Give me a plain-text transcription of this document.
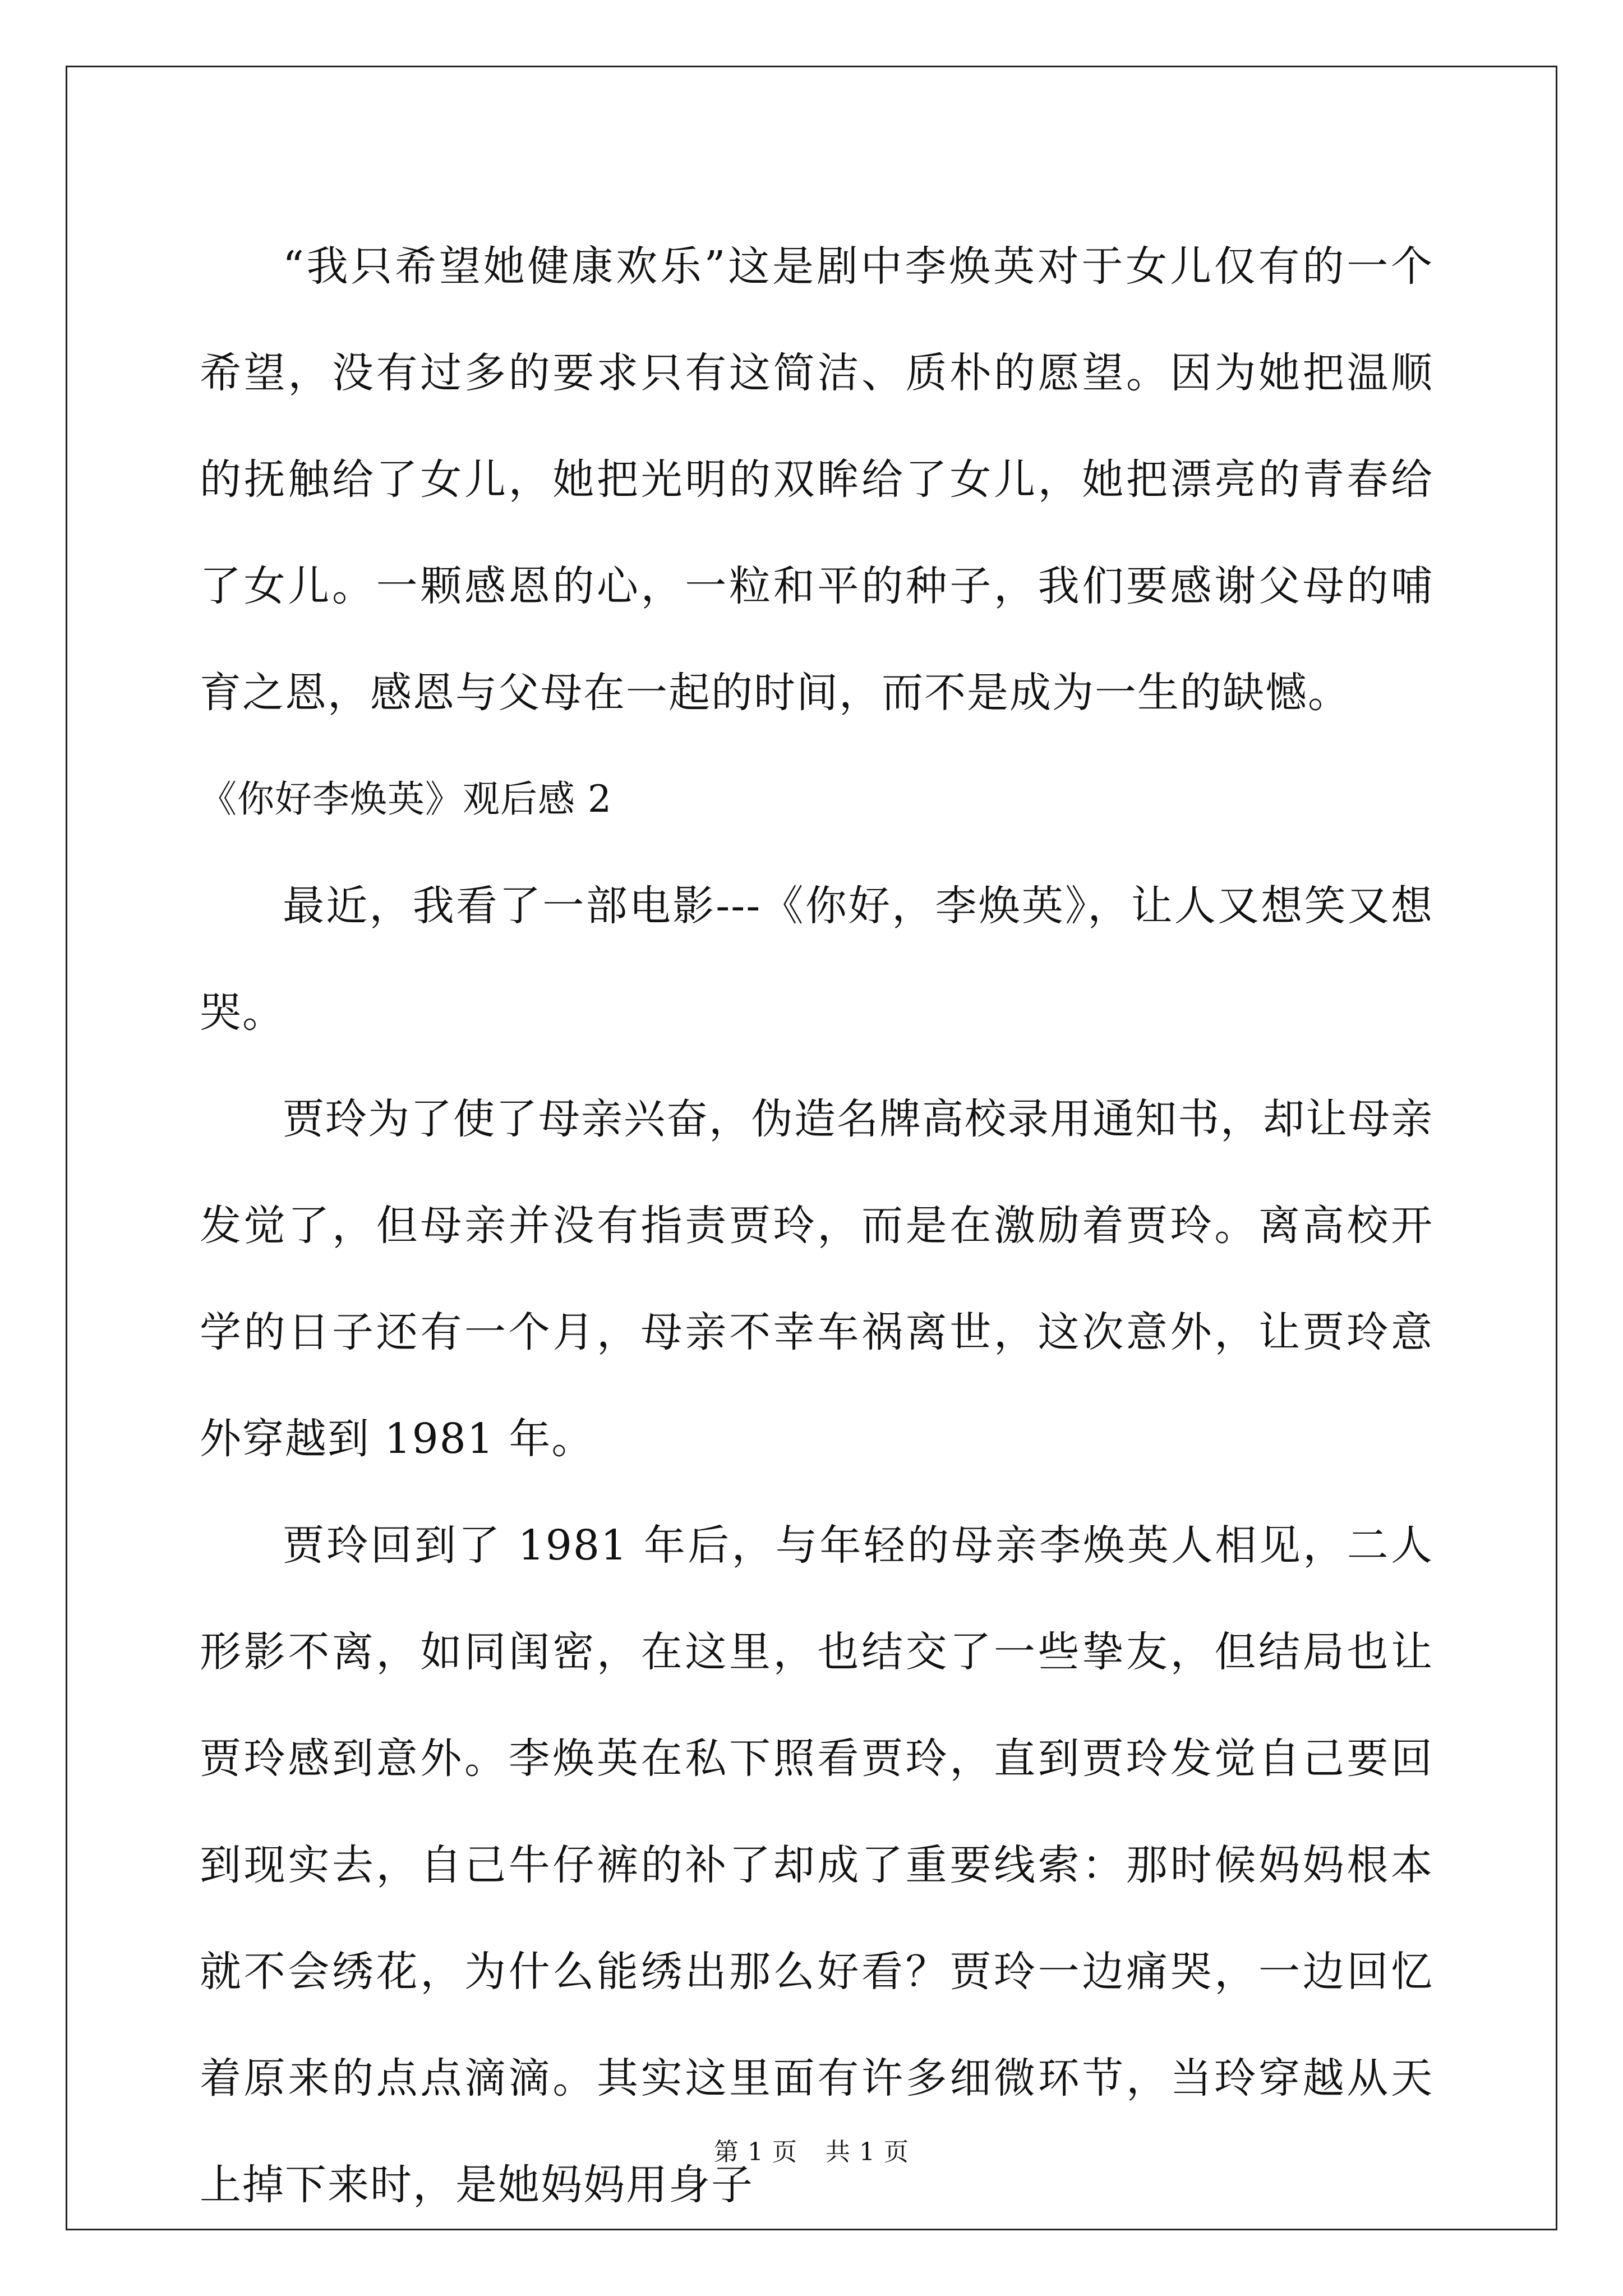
“我只希望她健康欢乐”这是剧中李焕英对于女儿仅有的一个希望，没有过多的要求只有这简洁、质朴的愿望。因为她把温顺的抚触给了女儿，她把光明的双眸给了女儿，她把漂亮的青春给了女儿。一颗感恩的心，一粒和平的种子，我们要感谢父母的哺育之恩，感恩与父母在一起的时间，而不是成为一生的缺憾。

《你好李焕英》观后感 2

最近，我看了一部电影---《你好，李焕英》，让人又想笑又想哭。

贾玲为了使了母亲兴奋，伪造名牌高校录用通知书，却让母亲发觉了，但母亲并没有指责贾玲，而是在激励着贾玲。离高校开学的日子还有一个月，母亲不幸车祸离世，这次意外，让贾玲意外穿越到 1981 年。

贾玲回到了 1981 年后，与年轻的母亲李焕英人相见，二人形影不离，如同闺密，在这里，也结交了一些挚友，但结局也让贾玲感到意外。李焕英在私下照看贾玲，直到贾玲发觉自己要回到现实去，自己牛仔裤的补了却成了重要线索：那时候妈妈根本就不会绣花，为什么能绣出那么好看？贾玲一边痛哭，一边回忆着原来的点点滴滴。其实这里面有许多细微环节，当玲穿越从天上掉下来时，是她妈妈用身子

第 1 页 共 1 页
